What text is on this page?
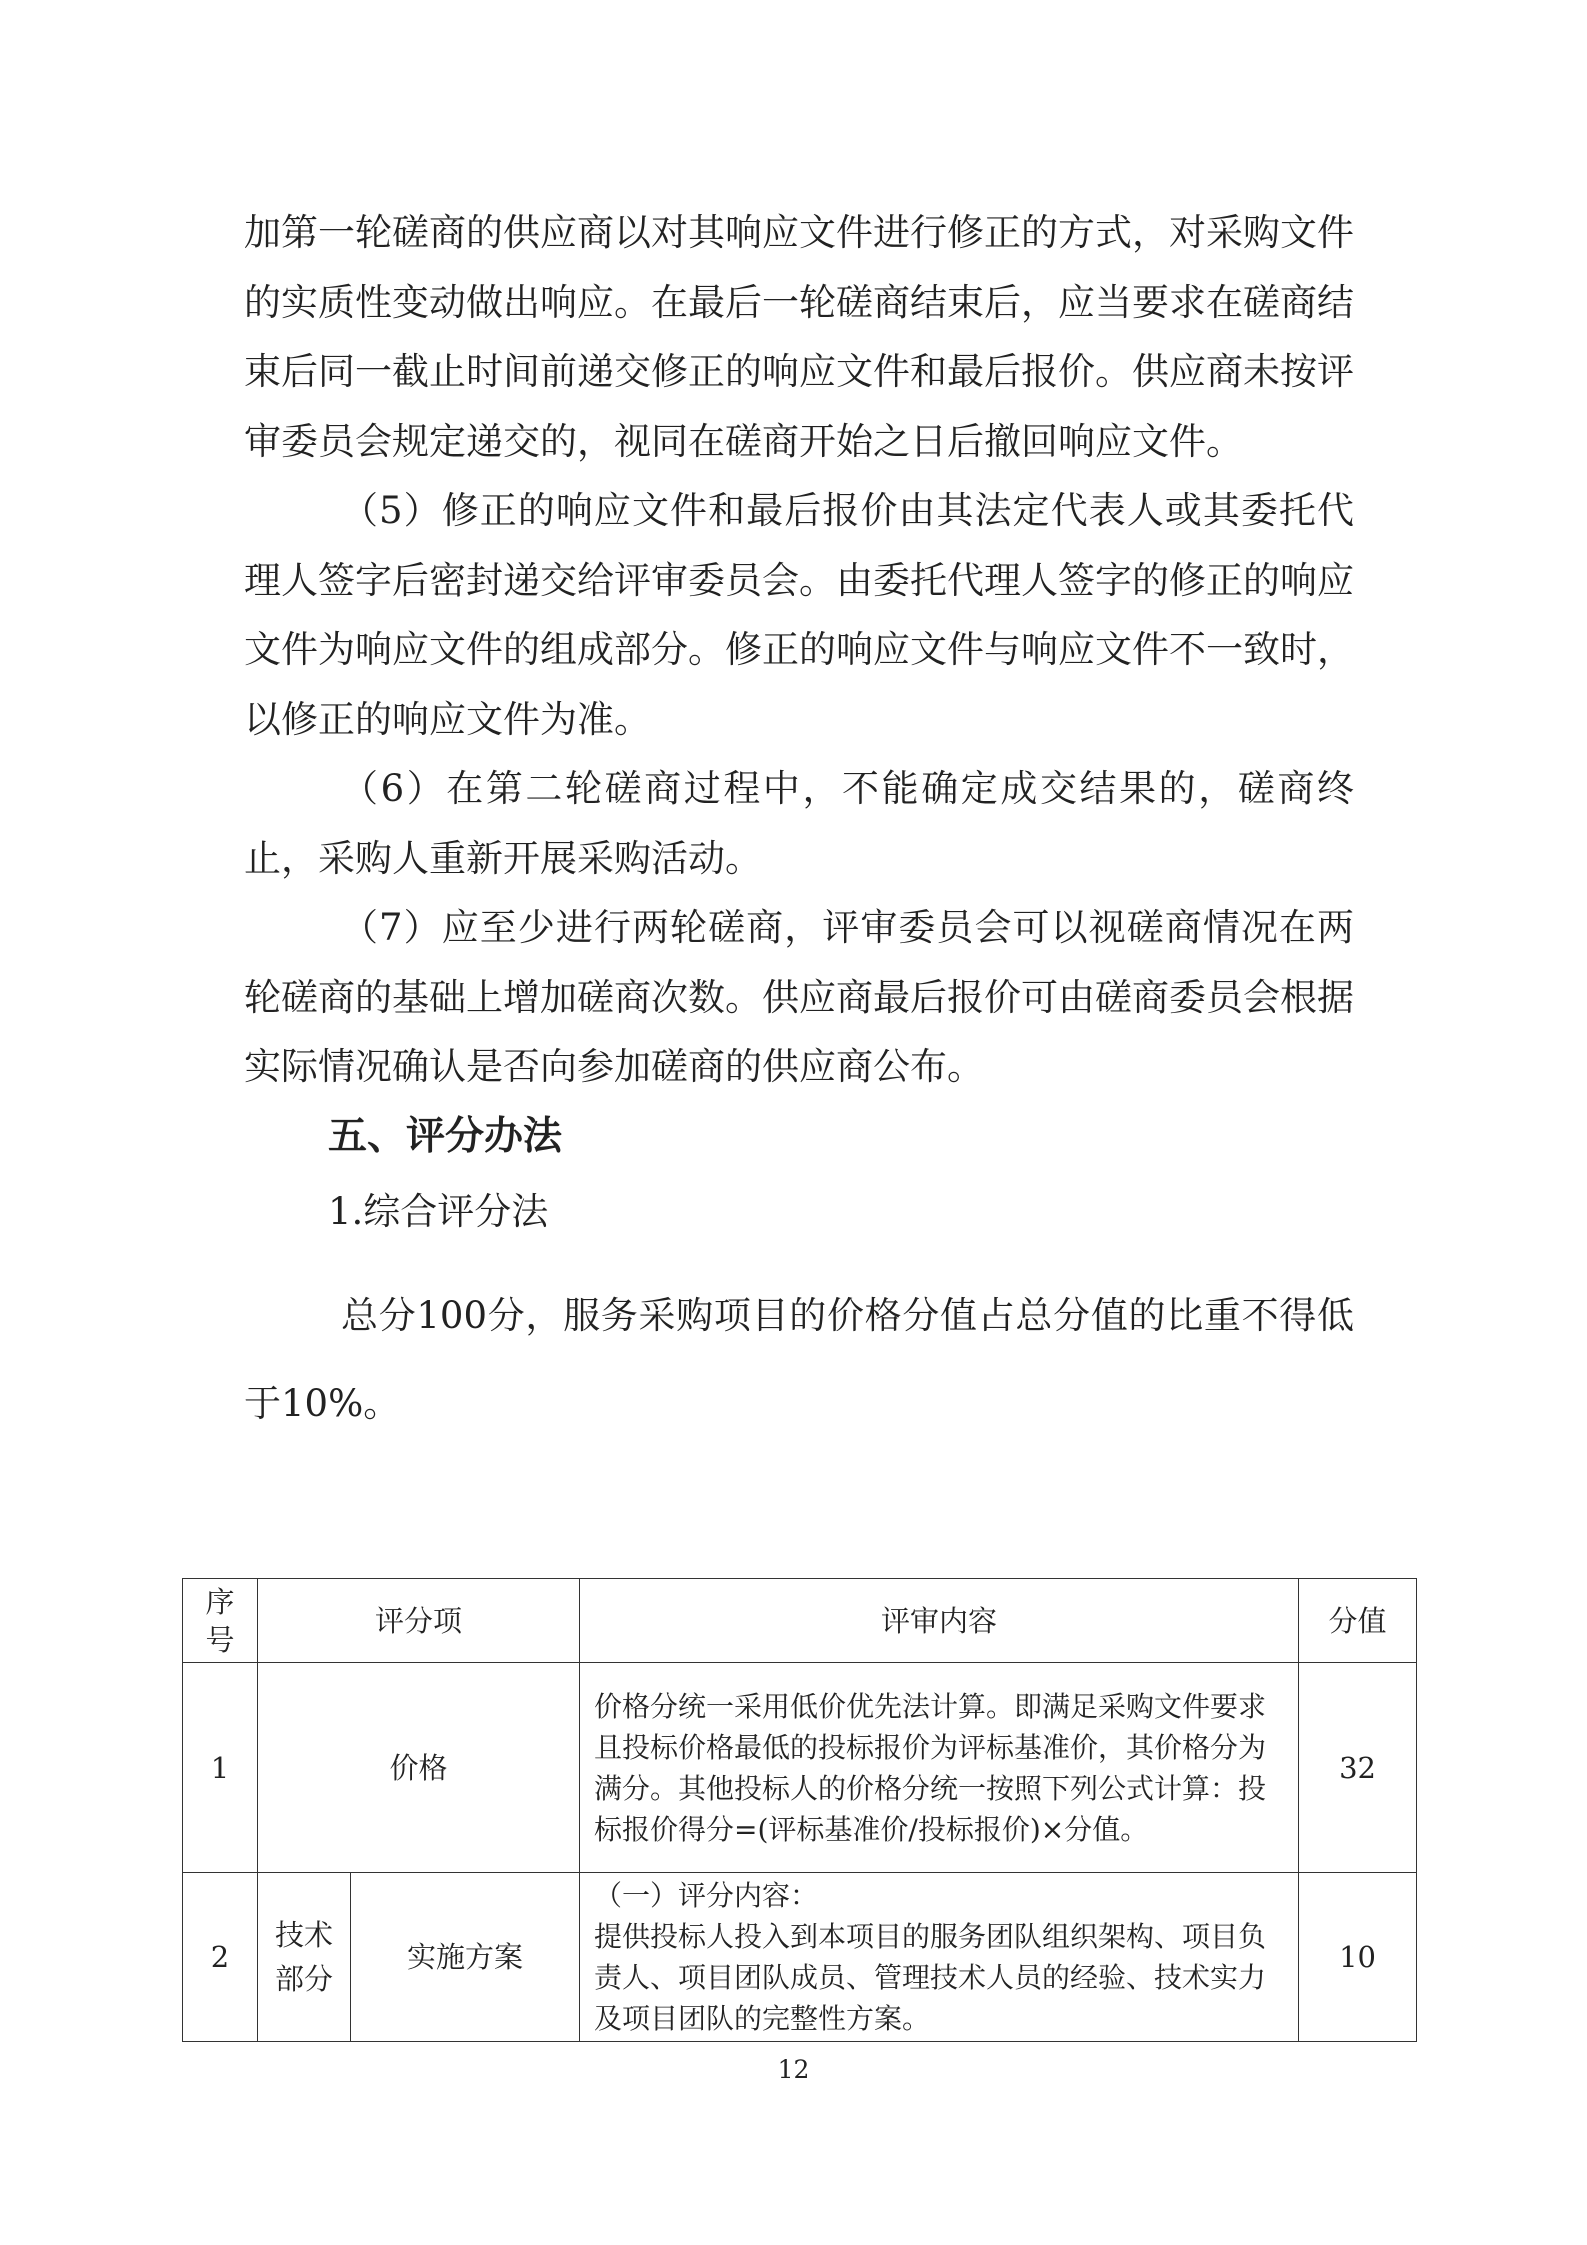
加第一轮磋商的供应商以对其响应文件进行修正的方式，对采购文件的实质性变动做出响应。在最后一轮磋商结束后，应当要求在磋商结束后同一截止时间前递交修正的响应文件和最后报价。供应商未按评审委员会规定递交的，视同在磋商开始之日后撤回响应文件。

（5）修正的响应文件和最后报价由其法定代表人或其委托代理人签字后密封递交给评审委员会。由委托代理人签字的修正的响应文件为响应文件的组成部分。修正的响应文件与响应文件不一致时，以修正的响应文件为准。

（6）在第二轮磋商过程中，不能确定成交结果的，磋商终止，采购人重新开展采购活动。

（7）应至少进行两轮磋商，评审委员会可以视磋商情况在两轮磋商的基础上增加磋商次数。供应商最后报价可由磋商委员会根据实际情况确认是否向参加磋商的供应商公布。

五、评分办法

1.综合评分法

总分100分，服务采购项目的价格分值占总分值的比重不得低于10%。

序号	评分项		评审内容	分值
1	价格		价格分统一采用低价优先法计算。即满足采购文件要求且投标价格最低的投标报价为评标基准价，其价格分为满分。其他投标人的价格分统一按照下列公式计算：投标报价得分=(评标基准价/投标报价)×分值。	32
2	技术部分	实施方案	（一）评分内容：
提供投标人投入到本项目的服务团队组织架构、项目负责人、项目团队成员、管理技术人员的经验、技术实力及项目团队的完整性方案。	10
12
